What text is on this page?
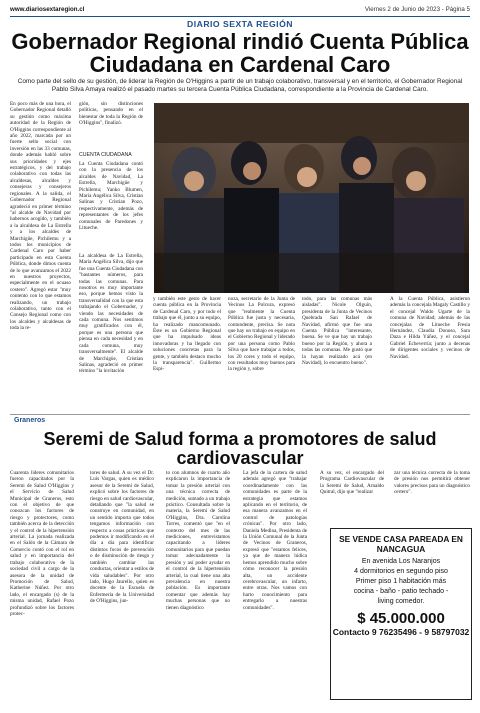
www.diariosextaregion.cl	Viernes 2 de Junio de 2023 - Página 5
DIARIO SEXTA REGIÓN
Gobernador Regional rindió Cuenta Pública Ciudadana en Cardenal Caro
Como parte del sello de su gestión, de liderar la Región de O'Higgins a partir de un trabajo colaborativo, transversal y en el territorio, el Gobernador Regional Pablo Silva Amaya realizó el pasado martes su tercera Cuenta Pública Ciudadana, correspondiente a la Provincia de Cardenal Caro.
En poco más de una hora, el Gobernador Regional detalló su gestión como máxima autoridad de la Región de O'Higgins correspondiente al año 2022, marcada por un fuerte sello social con inversión en las 33 comunas, donde además habló sobre sus prioridades y ejes estratégicos, y del trabajo colaborativo con todas las alcaldesas, alcaldes y consejeras y consejeros regionales. A la salida, el Gobernador Regional agradeció en primer término "al alcalde de Navidad por habernos acogido, y también a la alcaldesa de La Estrella y a los alcaldes de Marchigüe, Pichilemu y a todos los municipios de Cardenal Caro por haber participado en esta Cuenta Pública, donde dimos cuenta de lo que avanzamos el 2022 en nuestros proyectos, especialmente en el ocuaso costero". Agregó estar "muy contento con lo que estamos realizando, un trabajo colaborativo, tanto con el Consejo Regional como con los alcaldes y alcaldesas de toda la re-
gión, sin distinciones políticas, pensando en el bienestar de toda la Región de O'Higgins", finalizó.
CUENTA CIUDADANA
La Cuenta Ciudadana contó con la presencia de los alcaldes de Navidad, La Estrella, Marchigüe y Pichilemu; Yanko Blumen, María Angélica Silva, Cristian Salinas y Cristian Pozo, respectivamente, además de representantes de los jefes comunales de Paredones y Litueche.
La alcaldesa de La Estrella, María Angélica Silva, dijo que fue una Cuenta Ciudadana con "bastantes números, para todas las comunas. Para nosotros es muy importante eso, porque hemos visto la transversalidad con la que esta trabajando el Gobernador, y viendo las necesidades de cada comuna. Nos sentimos muy gratificados con él, porque es una persona que piensa en cada necesidad y en cada comuna, muy transversalmente". El alcalde de Marchigüe, Cristian Salinas, agradeció en primer término "la invitación
y también este gesto de hacer cuenta pública en la Provincia de Cardenal Caro, y por todo el trabajo que él, junto a su equipo, ha realizado mancomunado. Éste es un Gobierno Regional que ha impulsado ideas innovadoras y ha llegado con soluciones concretas para la gente, y también destaco mucho la transparencia". Guillermo Espi-
noza, secretario de la Junta de Vecinos La Polcura, expresó que "realmente la Cuenta Pública fue justa y necesaria, contundente, precisa. Se nota que hay un trabajo en equipo en el Gobierno Regional y liderado por una persona como Pablo Silva que hace trabajar a todos, los 20 cores y todo el equipo, con resultados muy buenos para la región y, sobre
todo, para las comunas más aisladas". Nicole Olguín, presidenta de la Junta de Vecinos Quebrada San Rafael de Navidad, afirmó que fue una Cuenta Pública "interesante, buena. Se ve que hay un trabajo bueno por la Región, y ahora a todas las comunas. Me gustó que la hayan realizado acá (en Navidad), lo encuentro bueno".
A la Cuenta Pública, asistieron además la concejala Magaly Castillo y el concejal Waldo Ugarte de la comuna de Navidad; además de las concejalas de Litueche Fresia Hernández, Claudia Donoso, Sara Daza e Hilda Yáñez, y el concejal Gabriel Echeverría; junto a decenas de dirigentes sociales y vecinos de Navidad.
Graneros
Seremi de Salud forma a promotores de salud cardiovascular
Cuarenta líderes comunitarios fueron capacitados por la Seremi de Salud O'Higgins y el Servicio de Salud Municipal de Graneros, esto con el objetivo de que conozcan los factores de riesgo y protectores, como también acerca de la detección y el control de la hipertensión arterial. La jornada realizada en el Salón de la Cámara de Comercio contó con el rol en salud y en importancia del trabajo colaborativo de la sociedad civil a cargo de la asesora de la unidad de Promoción de Salud, Katherine Núñez. Por otro lado, el encargado (s) de la misma unidad, Rafael Pozo profundizó sobre los factores protec-
tores de salud. A su vez el Dr. Luis Vargas, quien es médico asesor de la Seremi de Salud, explicó sobre los factores de riesgo en salud cardiovascular, detallando que "la salud se construye en comunidad, en un sentido importa que todos tengamos información con respecto a cosas prácticas que podemos ir modificando en el día a día para identificar distintos focos de prevención o de disminución de riesgo y también cambiar las conductas, orientar a estilos de vida saludables". Por otro lado, Hugo Jaurello, quien es docente de la Escuela de Enfermería de la Universidad de O'Higgins, jun-
to con alumnos de cuarto año explicaron la importancia de tomar la presión arterial con una técnica correcta de medición, sumado a un trabajo práctico. Consultada sobre la materia, la Seremi de Salud O'Higgins, Dra. Carolina Torres, comentó que "en el contexto del mes de las mediciones, entrevistamos capacitando a líderes comunitarios para que puedan tomar adecuadamente la presión y así poder ayudar en el control de la hipertensión arterial, la cual tiene una alta prevalencia en nuestra población. Es importante comentar que además hay muchas personas que no tienen diagnóstico
La jefa de la cartera de salud además agregó que "trabajar coordinadamente con las comunidades es parte de la estrategia que estamos aplicando en el territorio, de esa manera avanzamos en el control de patologías crónicas". Por otro lado, Daniela Medina, Presidenta de la Unión Comunal de la Junta de Vecinos de Graneros, expresó que "estamos felices, ya que de manera lúdica hemos aprendido mucho sobre cómo reconocer la presión alta, un accidente cerebrovascular, un infarto, entre otras. Nos vamos con harto conocimiento para entregarlo a nuestras comunidades".
A su vez, el encargado del Programa Cardiovascular de la Seremi de Salud, Arnaldo Quitral, dijo que "realizar
zar una técnica correcta de la toma de presión nos permitirá obtener valores precisos para un diagnóstico certero".
SE VENDE CASA PAREADA EN NANCAGUA
En avenida Los Naranjos
4 dormitorios en segundo piso
Primer piso 1 habitación más
cocina - baño - patio techado -
living comedor.
$ 45.000.000
Contacto 9 76235496 - 9 58797032
